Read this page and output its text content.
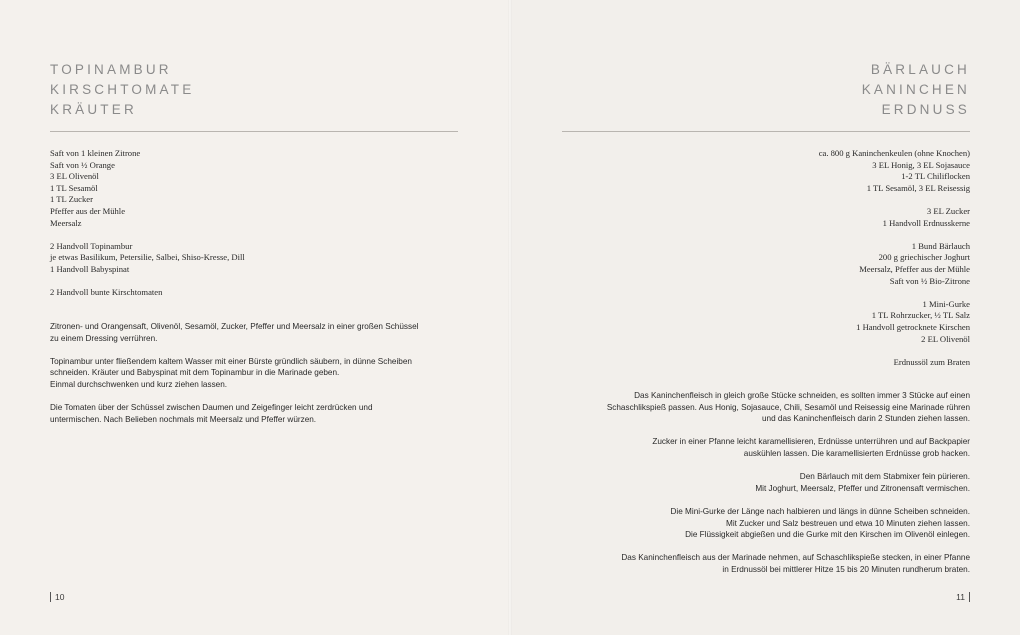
TOPINAMBUR
KIRSCHTOMATE
KRÄUTER
Saft von 1 kleinen Zitrone
Saft von ½ Orange
3 EL Olivenöl
1 TL Sesamöl
1 TL Zucker
Pfeffer aus der Mühle
Meersalz
2 Handvoll Topinambur
je etwas Basilikum, Petersilie, Salbei, Shiso-Kresse, Dill
1 Handvoll Babyspinat
2 Handvoll bunte Kirschtomaten
Zitronen- und Orangensaft, Olivenöl, Sesamöl, Zucker, Pfeffer und Meersalz in einer großen Schüssel
zu einem Dressing verrühren.
Topinambur unter fließendem kaltem Wasser mit einer Bürste gründlich säubern, in dünne Scheiben
schneiden. Kräuter und Babyspinat mit dem Topinambur in die Marinade geben.
Einmal durchschwenken und kurz ziehen lassen.
Die Tomaten über der Schüssel zwischen Daumen und Zeigefinger leicht zerdrücken und
untermischen. Nach Belieben nochmals mit Meersalz und Pfeffer würzen.
10
BÄRLAUCH
KANINCHEN
ERDNUSS
ca. 800 g Kaninchenkeulen (ohne Knochen)
3 EL Honig, 3 EL Sojasauce
1-2 TL Chiliflocken
1 TL Sesamöl, 3 EL Reisessig
3 EL Zucker
1 Handvoll Erdnusskerne
1 Bund Bärlauch
200 g griechischer Joghurt
Meersalz, Pfeffer aus der Mühle
Saft von ½ Bio-Zitrone
1 Mini-Gurke
1 TL Rohrzucker, ½ TL Salz
1 Handvoll getrocknete Kirschen
2 EL Olivenöl
Erdnussöl zum Braten
Das Kaninchenfleisch in gleich große Stücke schneiden, es sollten immer 3 Stücke auf einen
Schaschlikspieß passen. Aus Honig, Sojasauce, Chili, Sesamöl und Reisessig eine Marinade rühren
und das Kaninchenfleisch darin 2 Stunden ziehen lassen.
Zucker in einer Pfanne leicht karamellisieren, Erdnüsse unterrühren und auf Backpapier
auskühlen lassen. Die karamellisierten Erdnüsse grob hacken.
Den Bärlauch mit dem Stabmixer fein pürieren.
Mit Joghurt, Meersalz, Pfeffer und Zitronensaft vermischen.
Die Mini-Gurke der Länge nach halbieren und längs in dünne Scheiben schneiden.
Mit Zucker und Salz bestreuen und etwa 10 Minuten ziehen lassen.
Die Flüssigkeit abgießen und die Gurke mit den Kirschen im Olivenöl einlegen.
Das Kaninchenfleisch aus der Marinade nehmen, auf Schaschlikspieße stecken, in einer Pfanne
in Erdnussöl bei mittlerer Hitze 15 bis 20 Minuten rundherum braten.
11
